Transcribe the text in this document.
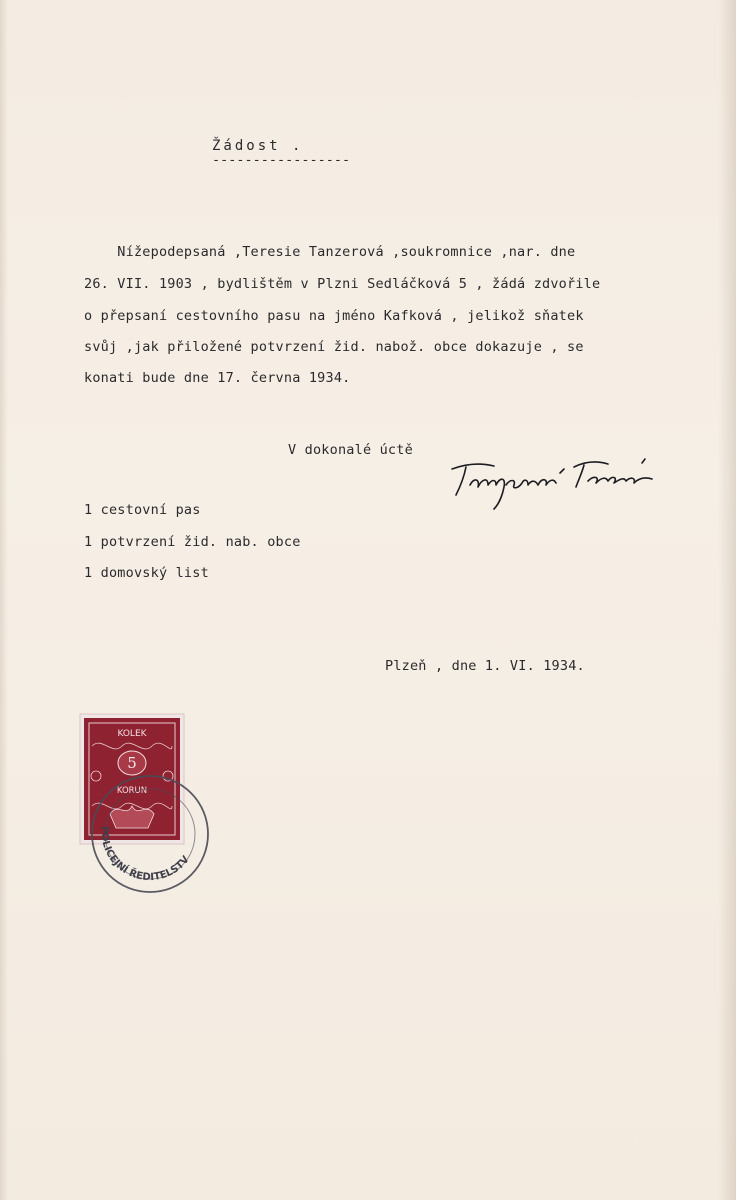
Žádost .
-----------------
Nížepodepsaná ,Teresie Tanzerová ,soukromnice ,nar. dne
26. VII. 1903 , bydlištěm v Plzni Sedláčková 5 , žádá zdvořile
o přepsaní cestovního pasu na jméno Kafková , jelikož sňatek
svůj ,jak přiložené potvrzení žid. nabož. obce dokazuje , se
konati bude dne 17. června 1934.
V dokonalé úctě
1 cestovní pas
1 potvrzení žid. nab. obce
1 domovský list
Plzeň , dne 1. VI. 1934.
KOLEK
5
KORUN
POLICEJNÍ ŘEDITELSTV
